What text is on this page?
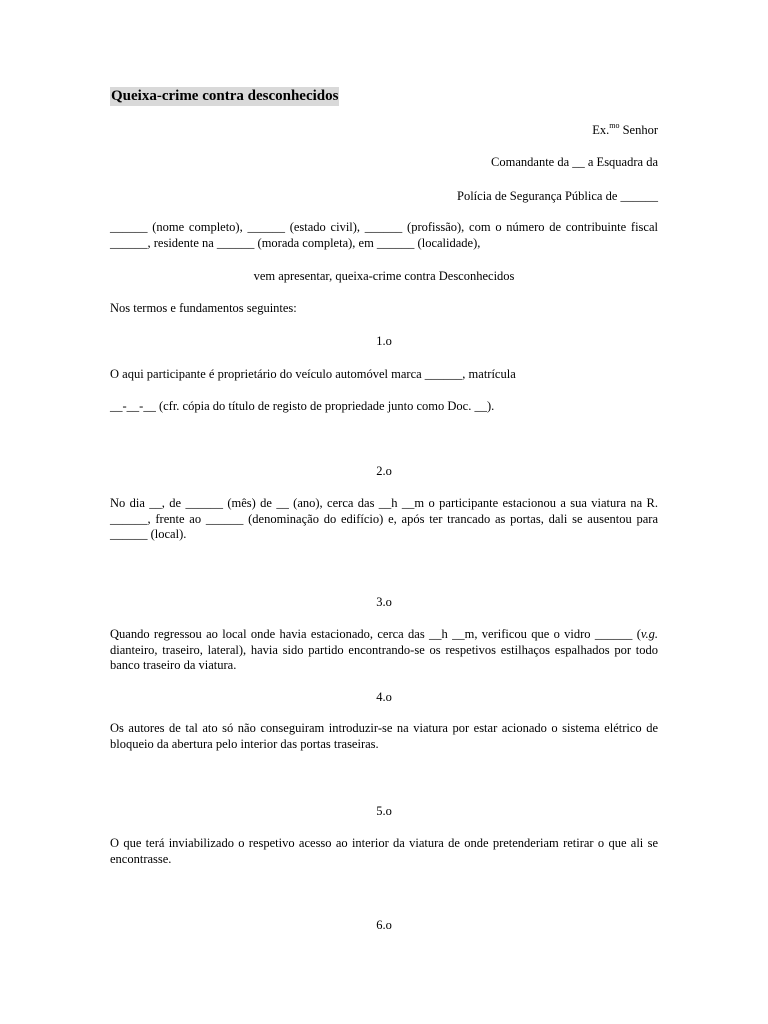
Queixa-crime contra desconhecidos
Ex.$^{mo}$ Senhor
Comandante da __ a Esquadra da
Polícia de Segurança Pública de ______
______ (nome completo), ______ (estado civil), ______ (profissão), com o número de contribuinte fiscal ______, residente na ______ (morada completa), em ______ (localidade),
vem apresentar, queixa-crime contra Desconhecidos
Nos termos e fundamentos seguintes:
1.o
O aqui participante é proprietário do veículo automóvel marca ______, matrícula
__-__-__ (cfr. cópia do título de registo de propriedade junto como Doc. __).
2.o
No dia __, de ______ (mês) de __ (ano), cerca das __h __m o participante estacionou a sua viatura na R. ______, frente ao ______ (denominação do edifício) e, após ter trancado as portas, dali se ausentou para ______ (local).
3.o
Quando regressou ao local onde havia estacionado, cerca das __h __m, verificou que o vidro ______ (v.g. dianteiro, traseiro, lateral), havia sido partido encontrando-se os respetivos estilhaços espalhados por todo banco traseiro da viatura.
4.o
Os autores de tal ato só não conseguiram introduzir-se na viatura por estar acionado o sistema elétrico de bloqueio da abertura pelo interior das portas traseiras.
5.o
O que terá inviabilizado o respetivo acesso ao interior da viatura de onde pretenderiam retirar o que ali se encontrasse.
6.o
